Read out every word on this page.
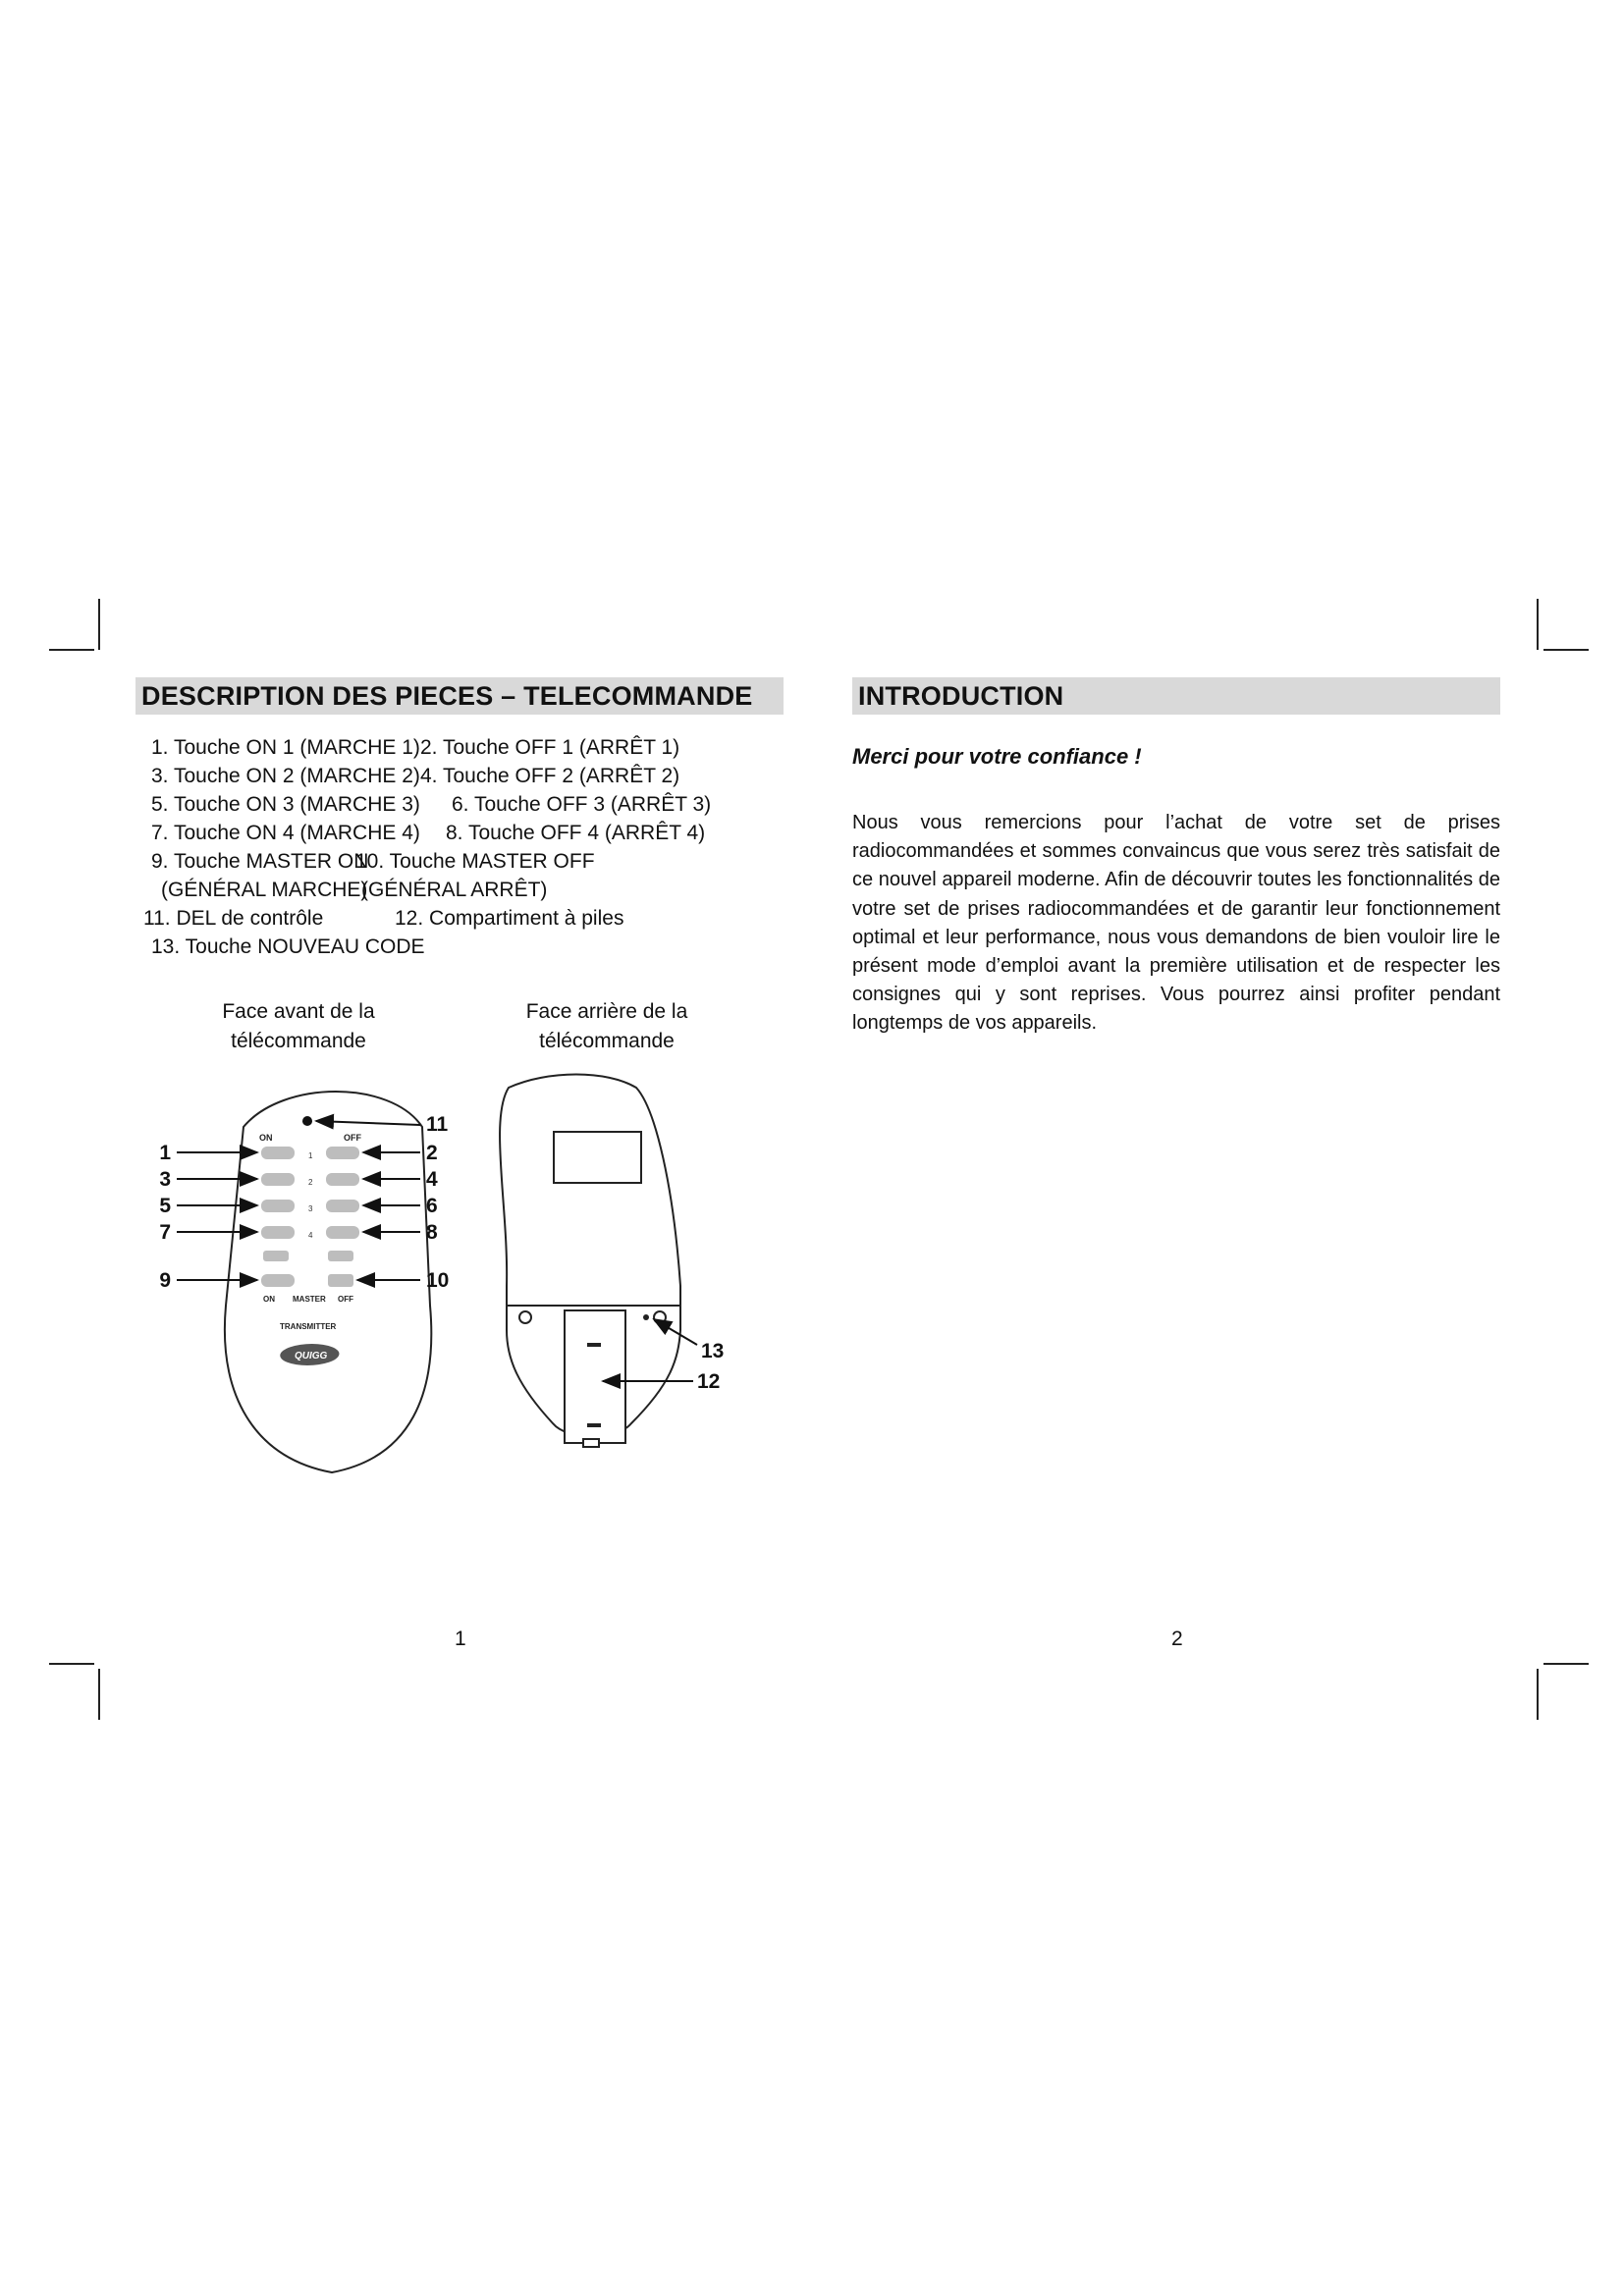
DESCRIPTION DES PIECES – TELECOMMANDE
1. Touche ON 1 (MARCHE 1) 2. Touche OFF 1 (ARRÊT 1)
3. Touche ON 2 (MARCHE 2) 4. Touche OFF 2 (ARRÊT 2)
5. Touche ON 3 (MARCHE 3) 6. Touche OFF 3 (ARRÊT 3)
7. Touche ON 4 (MARCHE 4) 8. Touche OFF 4 (ARRÊT 4)
9. Touche MASTER ON
10. Touche MASTER OFF
(GÉNÉRAL MARCHE)
(GÉNÉRAL ARRÊT)
11. DEL de contrôle	12. Compartiment à piles
13. Touche NOUVEAU CODE
Face avant de la
télécommande
Face arrière de la
télécommande
ON	OFF
1
2
3
4
ON MASTER OFF
TRANSMITTER
QUIGG
1
3
5
7
9
2
4
6
8
10
11
13
12
1
INTRODUCTION
Merci pour votre confiance !
Nous vous remercions pour l’achat de votre set de prises radiocommandées et sommes convaincus que vous serez très satisfait de ce nouvel appareil moderne. Afin de découvrir toutes les fonctionnalités de votre set de prises radiocommandées et de garantir leur fonctionnement optimal et leur performance, nous vous demandons de bien vouloir lire le présent mode d’emploi avant la première utilisation et de respecter les consignes qui y sont reprises. Vous pourrez ainsi profiter pendant longtemps de vos appareils.
2
